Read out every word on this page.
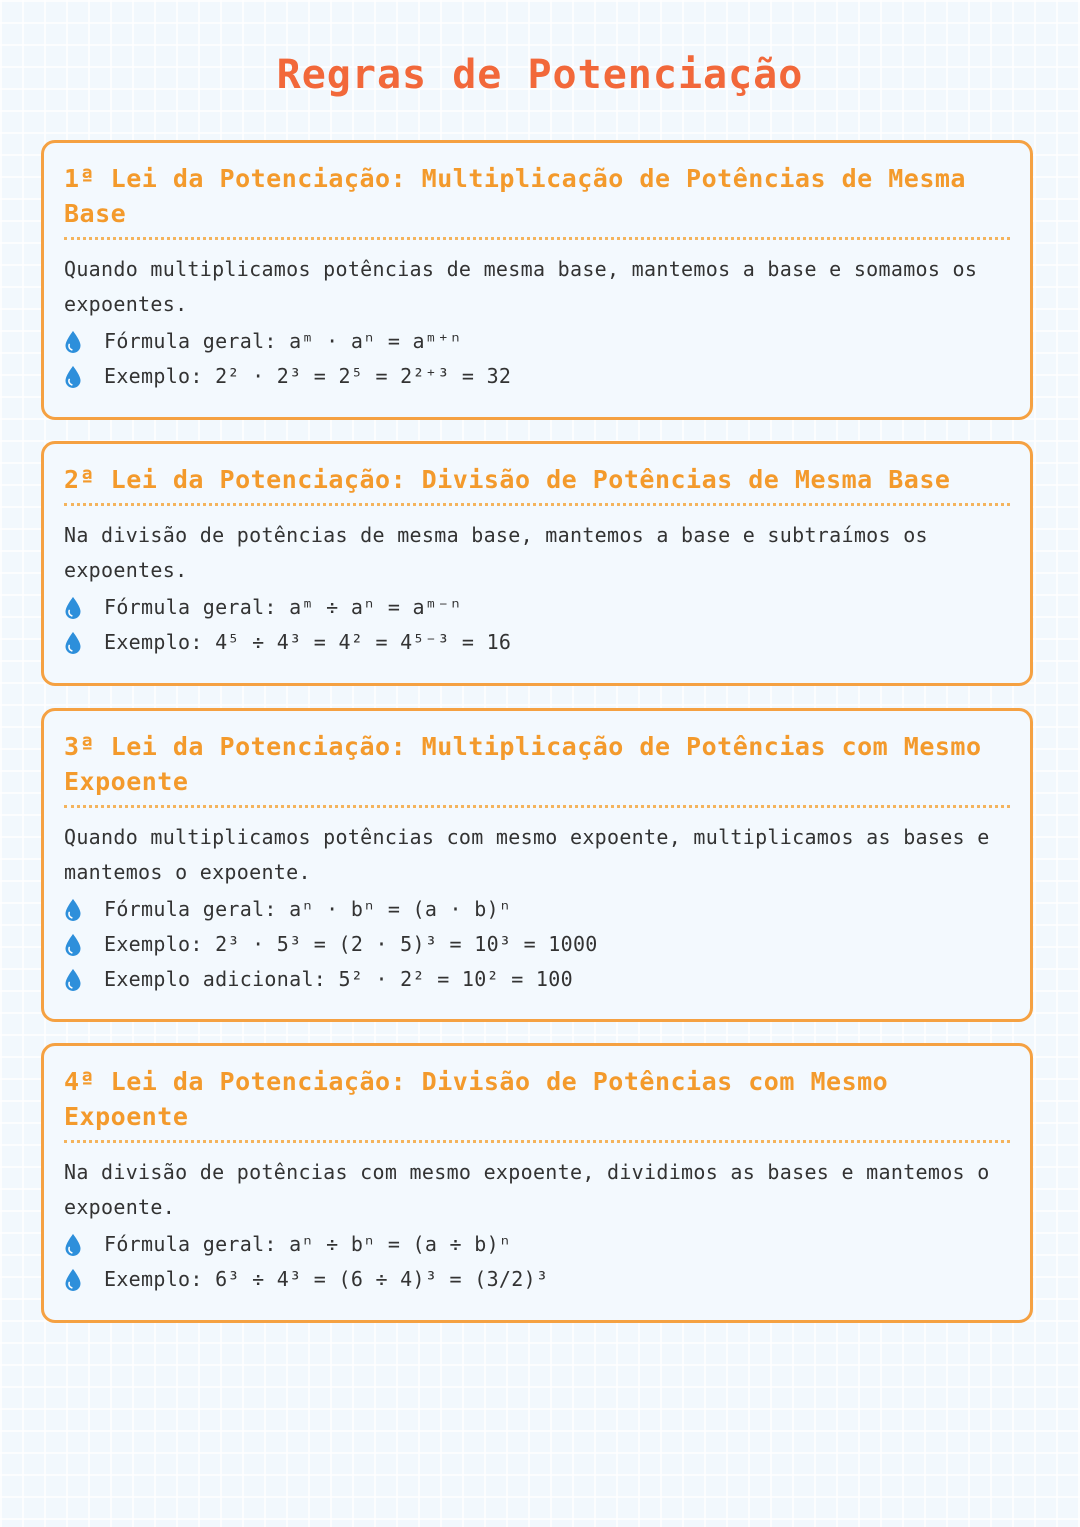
Regras de Potenciação
1ª Lei da Potenciação: Multiplicação de Potências de Mesma Base

Quando multiplicamos potências de mesma base, mantemos a base e somamos os expoentes.

Fórmula geral: aᵐ · aⁿ = aᵐ⁺ⁿ
Exemplo: 2² · 2³ = 2⁵ = 2²⁺³ = 32
2ª Lei da Potenciação: Divisão de Potências de Mesma Base

Na divisão de potências de mesma base, mantemos a base e subtraímos os expoentes.

Fórmula geral: aᵐ ÷ aⁿ = aᵐ⁻ⁿ
Exemplo: 4⁵ ÷ 4³ = 4² = 4⁵⁻³ = 16
3ª Lei da Potenciação: Multiplicação de Potências com Mesmo Expoente

Quando multiplicamos potências com mesmo expoente, multiplicamos as bases e mantemos o expoente.

Fórmula geral: aⁿ · bⁿ = (a · b)ⁿ
Exemplo: 2³ · 5³ = (2 · 5)³ = 10³ = 1000
Exemplo adicional: 5² · 2² = 10² = 100
4ª Lei da Potenciação: Divisão de Potências com Mesmo Expoente

Na divisão de potências com mesmo expoente, dividimos as bases e mantemos o expoente.

Fórmula geral: aⁿ ÷ bⁿ = (a ÷ b)ⁿ
Exemplo: 6³ ÷ 4³ = (6 ÷ 4)³ = (3/2)³
